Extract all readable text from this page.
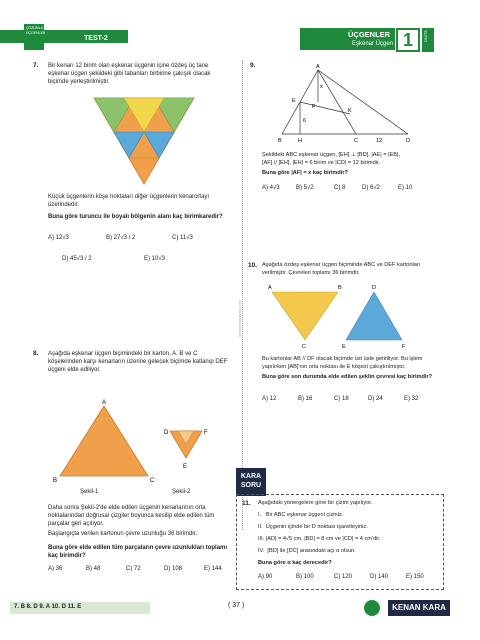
ÇÖZÜMLÜ
ÜÇGENLER
TEST-2	ÜÇGENLER
Eşkenar Üçgen 1	ÜNİTE
www.kenankara.com
7. Bir kenarı 12 birim olan eşkenar üçgenin içine özdeş üç tane eşkenar üçgen şekildeki gibi tabanları birbirine çakışık olacak biçimde yerleştirilmiştir.
Küçük üçgenlerin köşe noktaları diğer üçgenlerin kenarortayı üzerindedir.
Buna göre turuncu ile boyalı bölgenin alanı kaç birimkaredir?
A) 12√3	B) 27√3 / 2	C) 11√3
D) 45√3 / 2	E) 10√3
8. Aşağıda eşkenar üçgen biçimindeki bir karton, A, B ve C köşelerinden karşı kenarların üzerine gelecek biçimde katlanıp DEF üçgeni elde ediliyor.
A
B	C
D	F
E
Şekil-1	Şekil-2
Daha sonra Şekil-2'de elde edilen üçgenin kenarlarının orta noktalarından doğrusal çizgiler boyunca kesilip elde edilen tüm parçalar geri açılıyor.
Başlangıçta verilen kartonun çevre uzunluğu 36 birimdir.
Buna göre elde edilen tüm parçaların çevre uzunlukları toplamı kaç birimdir?
A) 36	B) 48	C) 72	D) 108	E) 144
9.	A
E
F
K
B	H	C	12	D
6
x
Şekildeki ABC eşkenar üçgen, [EH] ⊥ [BD], |AE| = |EB|,
[AF] // [EH], |EH| = 6 birim ve |CD| = 12 birimdir.
Buna göre |AF| = x kaç birimdir?
A) 4√3	B) 5√2	C) 8	D) 6√2	E) 10
10. Aşağıda özdeş eşkenar üçgen biçiminde ABC ve DEF kartonları verilmiştir. Çevreleri toplamı 36 birimdir.
A	B	D
C	E	F
Bu kartonlar AB // DF olacak biçimde üst üste getiriliyor. Bu işlem yapılırken [AB]'nın orta noktası ile E köşesi çakıştırılmıştır.
Buna göre son durumda elde edilen şeklin çevresi kaç birimdir?
A) 12	B) 16	C) 18	D) 24	E) 32
KARA
SORU
11. Aşağıdaki yönergelere göre bir çizim yapılıyor.
I.   Bir ABC eşkenar üçgeni çiziniz.
II.  Üçgenin içinde bir D noktası işaretleyiniz.
III. |AD| = 4√5 cm, |BD| = 8 cm ve |CD| = 4 cm'dir.
IV.  [BD] ile [DC] arasındaki açı α olsun.
Buna göre α kaç derecedir?
A) 90	B) 100	C) 120	D) 140	E) 150
7. B 8. D 9. A 10. D 11. E	( 37 )	KENAN KARA
